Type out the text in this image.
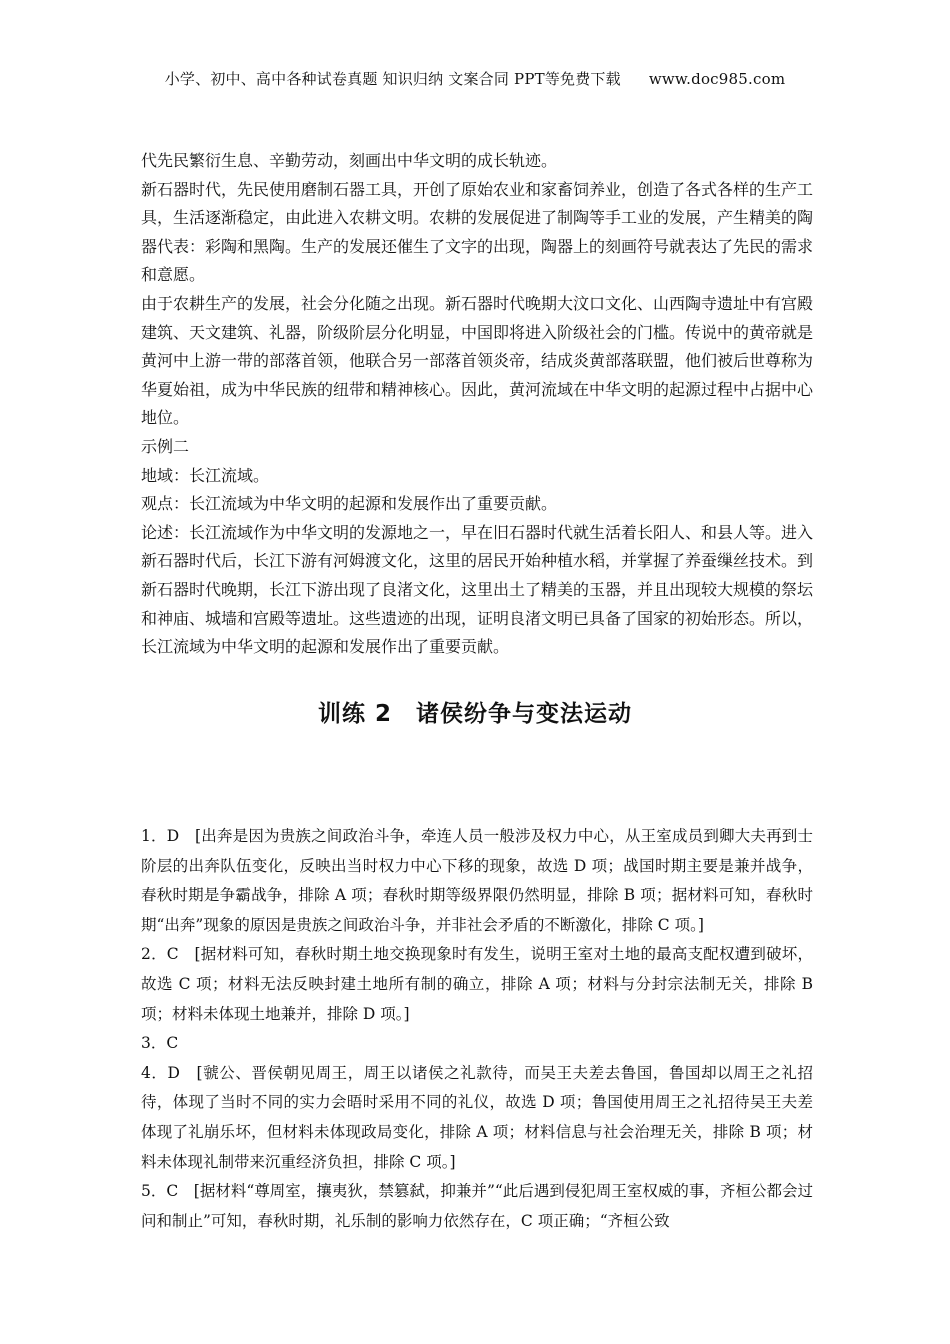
小学、初中、高中各种试卷真题 知识归纳 文案合同 PPT等免费下载 www.doc985.com

代先民繁衍生息、辛勤劳动，刻画出中华文明的成长轨迹。

新石器时代，先民使用磨制石器工具，开创了原始农业和家畜饲养业，创造了各式各样的生产工具，生活逐渐稳定，由此进入农耕文明。农耕的发展促进了制陶等手工业的发展，产生精美的陶器代表：彩陶和黑陶。生产的发展还催生了文字的出现，陶器上的刻画符号就表达了先民的需求和意愿。

由于农耕生产的发展，社会分化随之出现。新石器时代晚期大汶口文化、山西陶寺遗址中有宫殿建筑、天文建筑、礼器，阶级阶层分化明显，中国即将进入阶级社会的门槛。传说中的黄帝就是黄河中上游一带的部落首领，他联合另一部落首领炎帝，结成炎黄部落联盟，他们被后世尊称为华夏始祖，成为中华民族的纽带和精神核心。因此，黄河流域在中华文明的起源过程中占据中心地位。

示例二

地域：长江流域。

观点：长江流域为中华文明的起源和发展作出了重要贡献。

论述：长江流域作为中华文明的发源地之一，早在旧石器时代就生活着长阳人、和县人等。进入新石器时代后，长江下游有河姆渡文化，这里的居民开始种植水稻，并掌握了养蚕缫丝技术。到新石器时代晚期，长江下游出现了良渚文化，这里出土了精美的玉器，并且出现较大规模的祭坛和神庙、城墙和宫殿等遗址。这些遗迹的出现，证明良渚文明已具备了国家的初始形态。所以，长江流域为中华文明的起源和发展作出了重要贡献。

训练 2　诸侯纷争与变法运动

1．D　[出奔是因为贵族之间政治斗争，牵连人员一般涉及权力中心，从王室成员到卿大夫再到士阶层的出奔队伍变化，反映出当时权力中心下移的现象，故选 D 项；战国时期主要是兼并战争，春秋时期是争霸战争，排除 A 项；春秋时期等级界限仍然明显，排除 B 项；据材料可知，春秋时期“出奔”现象的原因是贵族之间政治斗争，并非社会矛盾的不断激化，排除 C 项。]

2．C　[据材料可知，春秋时期土地交换现象时有发生，说明王室对土地的最高支配权遭到破坏，故选 C 项；材料无法反映封建土地所有制的确立，排除 A 项；材料与分封宗法制无关，排除 B 项；材料未体现土地兼并，排除 D 项。]

3．C

4．D　[虢公、晋侯朝见周王，周王以诸侯之礼款待，而吴王夫差去鲁国，鲁国却以周王之礼招待，体现了当时不同的实力会晤时采用不同的礼仪，故选 D 项；鲁国使用周王之礼招待吴王夫差体现了礼崩乐坏，但材料未体现政局变化，排除 A 项；材料信息与社会治理无关，排除 B 项；材料未体现礼制带来沉重经济负担，排除 C 项。]

5．C　[据材料“尊周室，攘夷狄，禁篡弑，抑兼并”“此后遇到侵犯周王室权威的事，齐桓公都会过问和制止”可知，春秋时期，礼乐制的影响力依然存在，C 项正确；“齐桓公致
